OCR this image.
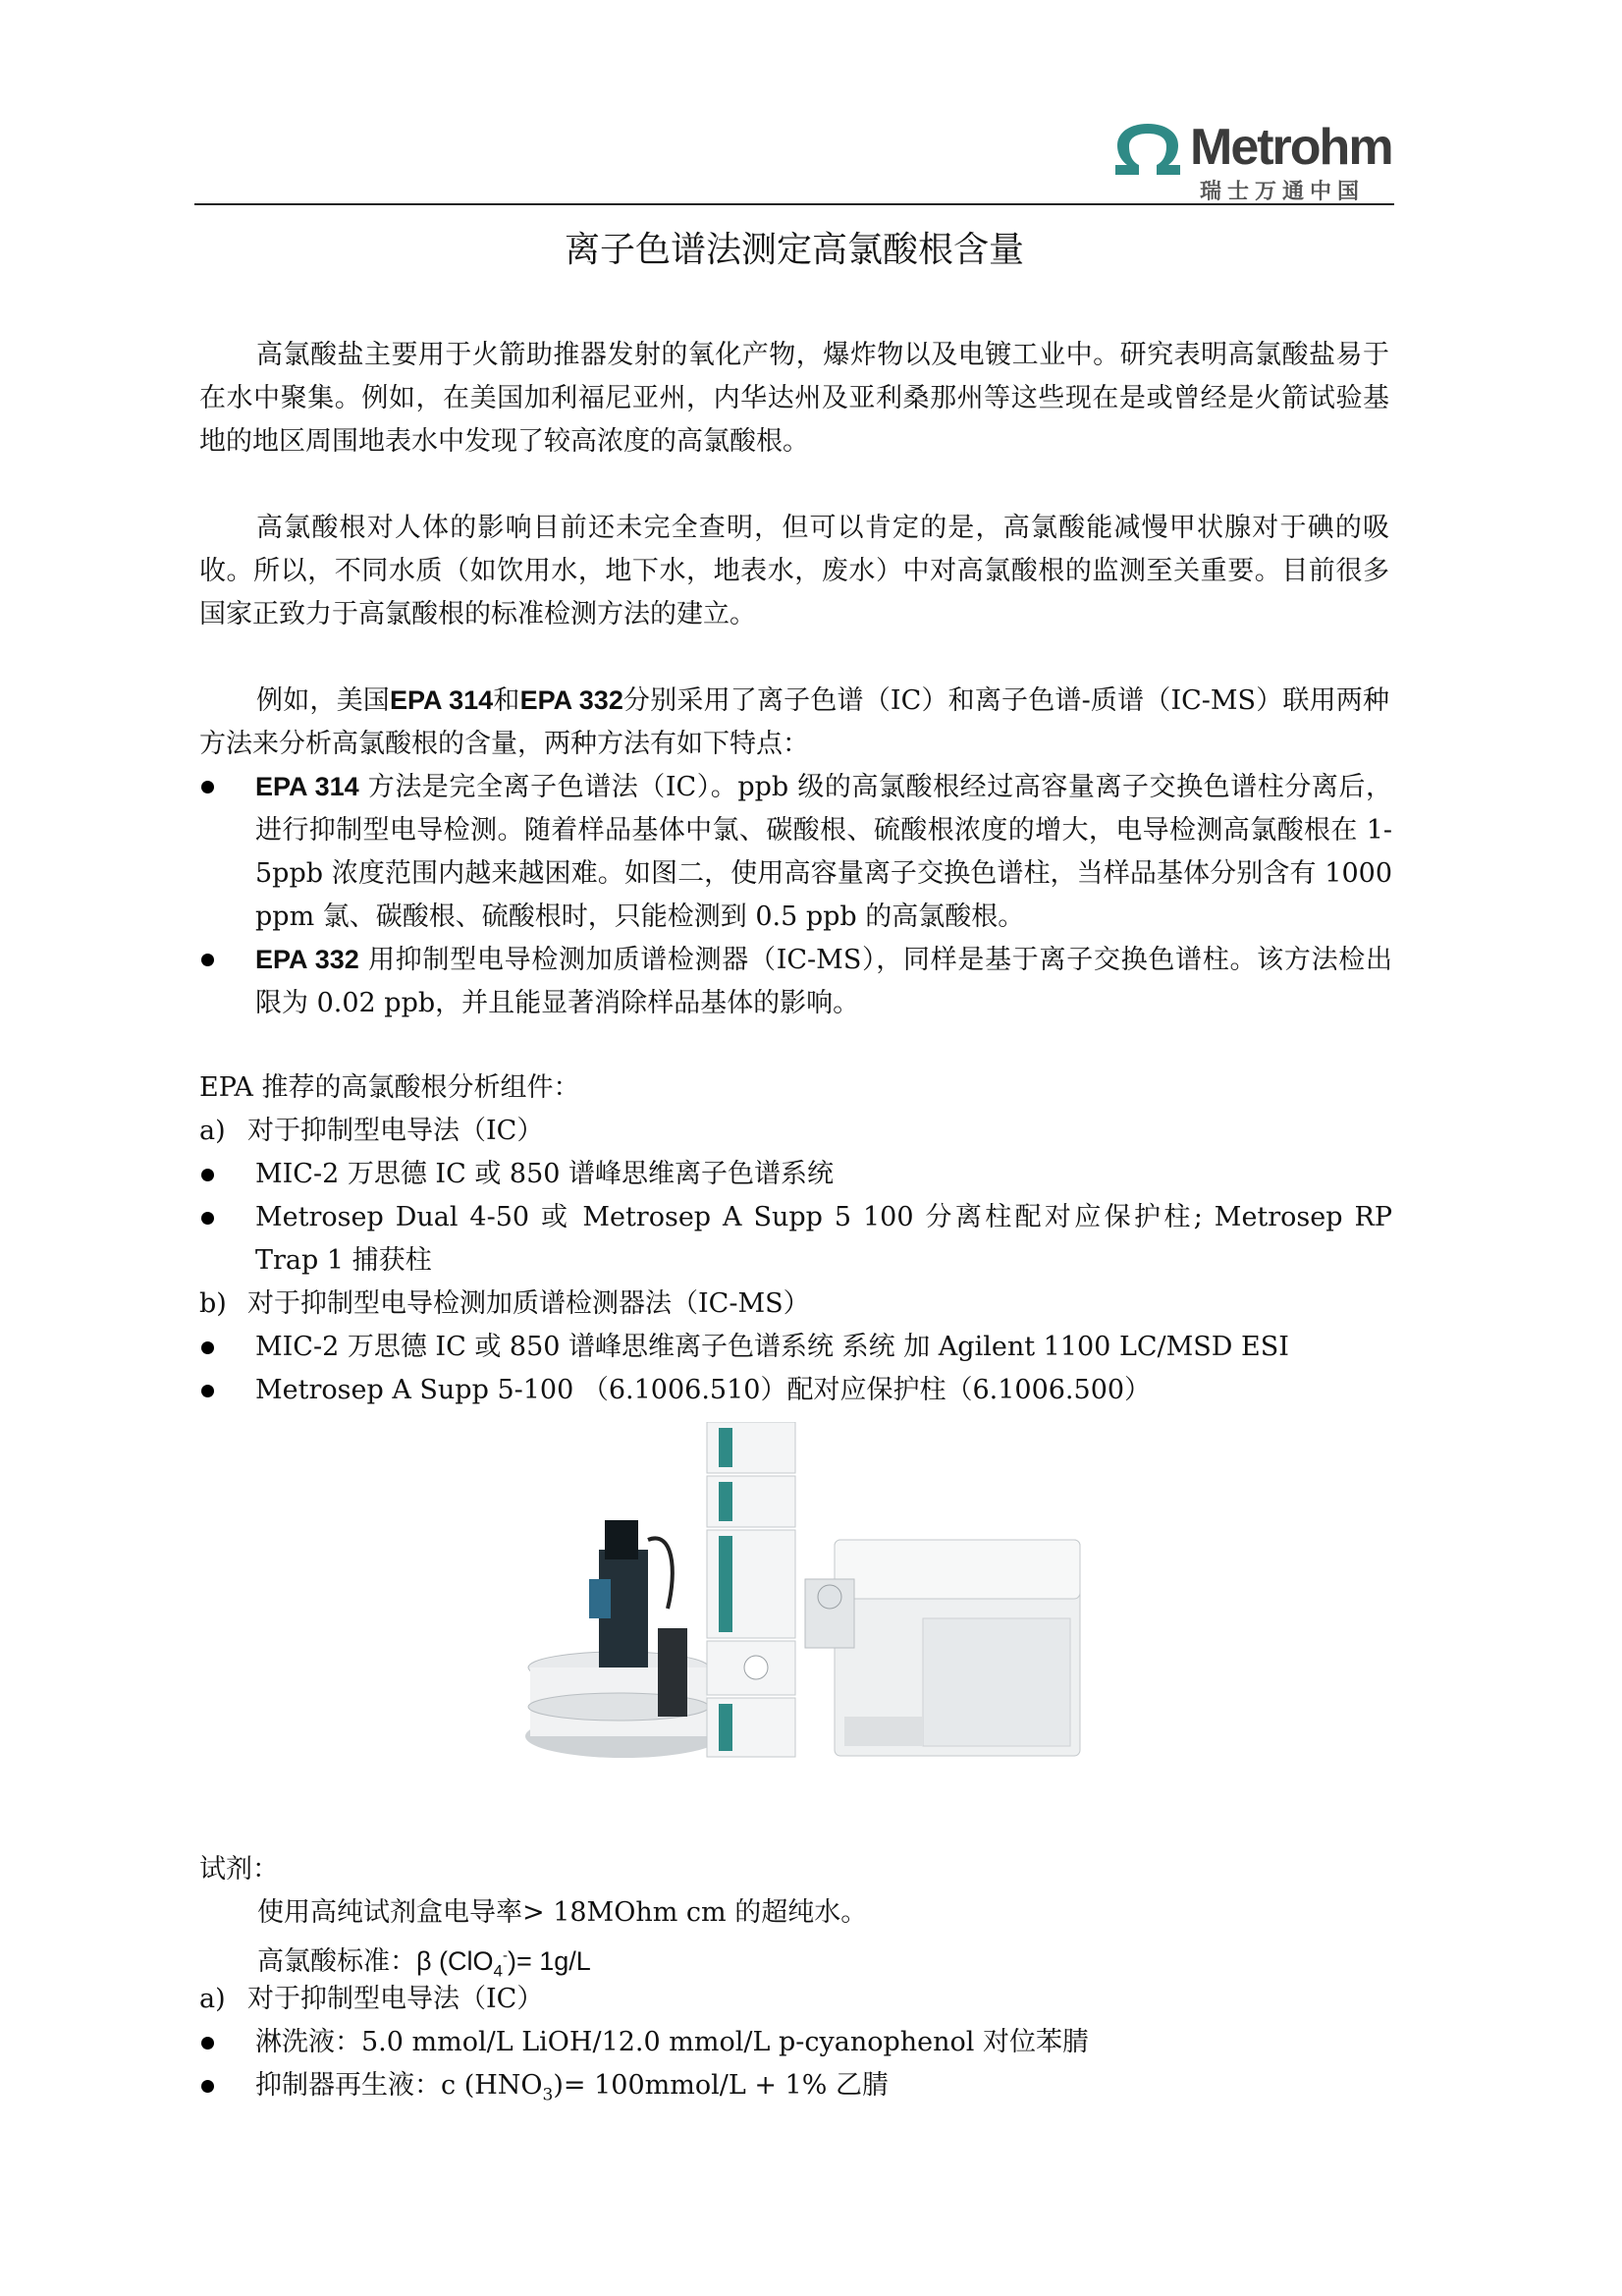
Metrohm
瑞士万通中国
离子色谱法测定高氯酸根含量
高氯酸盐主要用于火箭助推器发射的氧化产物，爆炸物以及电镀工业中。研究表明高氯酸盐易于在水中聚集。例如，在美国加利福尼亚州，内华达州及亚利桑那州等这些现在是或曾经是火箭试验基地的地区周围地表水中发现了较高浓度的高氯酸根。
高氯酸根对人体的影响目前还未完全查明，但可以肯定的是，高氯酸能减慢甲状腺对于碘的吸收。所以，不同水质（如饮用水，地下水，地表水，废水）中对高氯酸根的监测至关重要。目前很多国家正致力于高氯酸根的标准检测方法的建立。
例如，美国EPA 314和EPA 332分别采用了离子色谱（IC）和离子色谱-质谱（IC-MS）联用两种方法来分析高氯酸根的含量，两种方法有如下特点：
EPA 314 方法是完全离子色谱法（IC）。ppb 级的高氯酸根经过高容量离子交换色谱柱分离后，进行抑制型电导检测。随着样品基体中氯、碳酸根、硫酸根浓度的增大，电导检测高氯酸根在 1-5ppb 浓度范围内越来越困难。如图二，使用高容量离子交换色谱柱，当样品基体分别含有 1000 ppm 氯、碳酸根、硫酸根时，只能检测到 0.5 ppb 的高氯酸根。
EPA 332 用抑制型电导检测加质谱检测器（IC-MS），同样是基于离子交换色谱柱。该方法检出限为 0.02 ppb，并且能显著消除样品基体的影响。
EPA 推荐的高氯酸根分析组件：
a) 对于抑制型电导法（IC）
MIC-2 万思德 IC 或 850 谱峰思维离子色谱系统
Metrosep Dual 4-50 或 Metrosep A Supp 5 100 分离柱配对应保护柱; Metrosep RP Trap 1 捕获柱
b) 对于抑制型电导检测加质谱检测器法（IC-MS）
MIC-2 万思德 IC 或 850 谱峰思维离子色谱系统 系统 加 Agilent 1100 LC/MSD ESI
Metrosep A Supp 5-100 （6.1006.510）配对应保护柱（6.1006.500）
试剂：
使用高纯试剂盒电导率> 18MOhm cm 的超纯水。
高氯酸标准：β (ClO$_4$-)= 1g/L
a) 对于抑制型电导法（IC）
淋洗液：5.0 mmol/L LiOH/12.0 mmol/L p-cyanophenol 对位苯腈
抑制器再生液：c $(HNO_3)=$ 100mmol/L + 1% 乙腈
